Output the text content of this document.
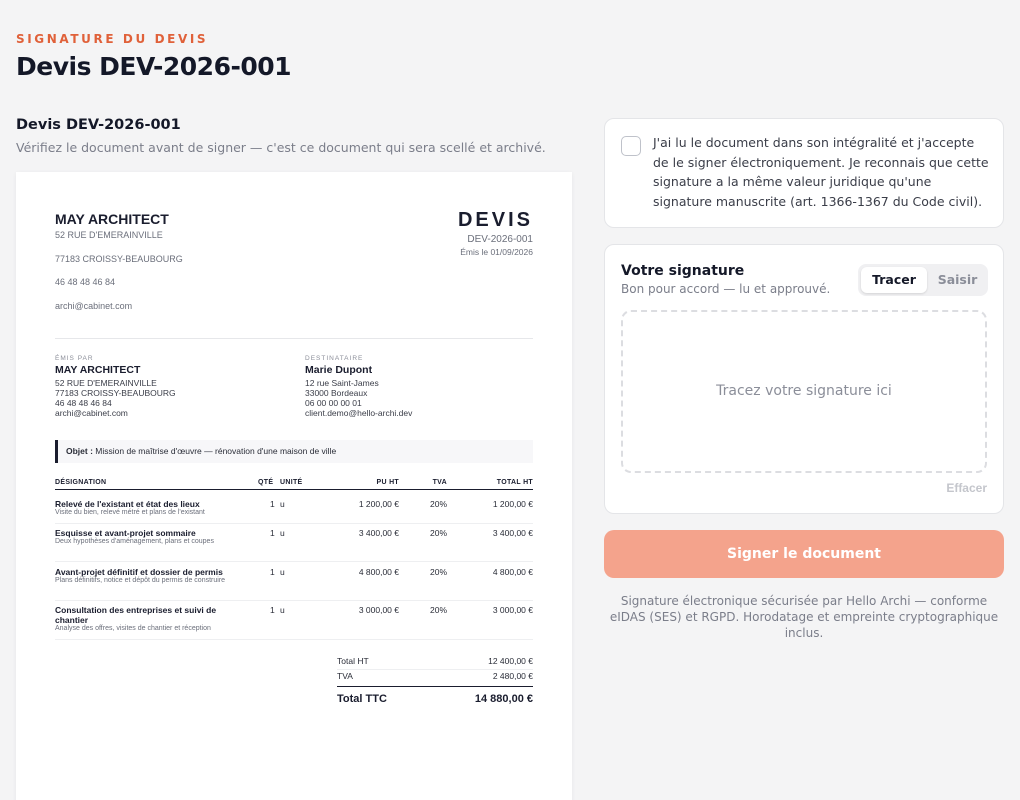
SIGNATURE DU DEVIS
Devis DEV-2026-001
Devis DEV-2026-001
Vérifiez le document avant de signer — c'est ce document qui sera scellé et archivé.
MAY ARCHITECT
52 RUE D'EMERAINVILLE
77183 CROISSY-BEAUBOURG
46 48 48 46 84
archi@cabinet.com
DEVIS
DEV-2026-001
Émis le 01/09/2026
ÉMIS PAR
MAY ARCHITECT
52 RUE D'EMERAINVILLE
77183 CROISSY-BEAUBOURG
46 48 48 46 84
archi@cabinet.com
DESTINATAIRE
Marie Dupont
12 rue Saint-James
33000 Bordeaux
06 00 00 00 01
client.demo@hello-archi.dev
Objet : Mission de maîtrise d'œuvre — rénovation d'une maison de ville
DÉSIGNATION	QTÉ UNITÉ	PU HT	TVA	TOTAL HT
Relevé de l'existant et état des lieux
Visite du bien, relevé métré et plans de l'existant
1 u	1 200,00 €	20%	1 200,00 €
Esquisse et avant-projet sommaire
Deux hypothèses d'aménagement, plans et coupes
1 u	3 400,00 €	20%	3 400,00 €
Avant-projet définitif et dossier de permis
Plans définitifs, notice et dépôt du permis de construire
1 u	4 800,00 €	20%	4 800,00 €
Consultation des entreprises et suivi de chantier
Analyse des offres, visites de chantier et réception
1 u	3 000,00 €	20%	3 000,00 €
Total HT	12 400,00 €
TVA	2 480,00 €
Total TTC	14 880,00 €
J'ai lu le document dans son intégralité et j'accepte de le signer électroniquement. Je reconnais que cette signature a la même valeur juridique qu'une signature manuscrite (art. 1366-1367 du Code civil).
Votre signature
Bon pour accord — lu et approuvé.
Tracer	Saisir
Tracez votre signature ici
Effacer
Signer le document
Signature électronique sécurisée par Hello Archi — conforme eIDAS (SES) et RGPD. Horodatage et empreinte cryptographique inclus.
